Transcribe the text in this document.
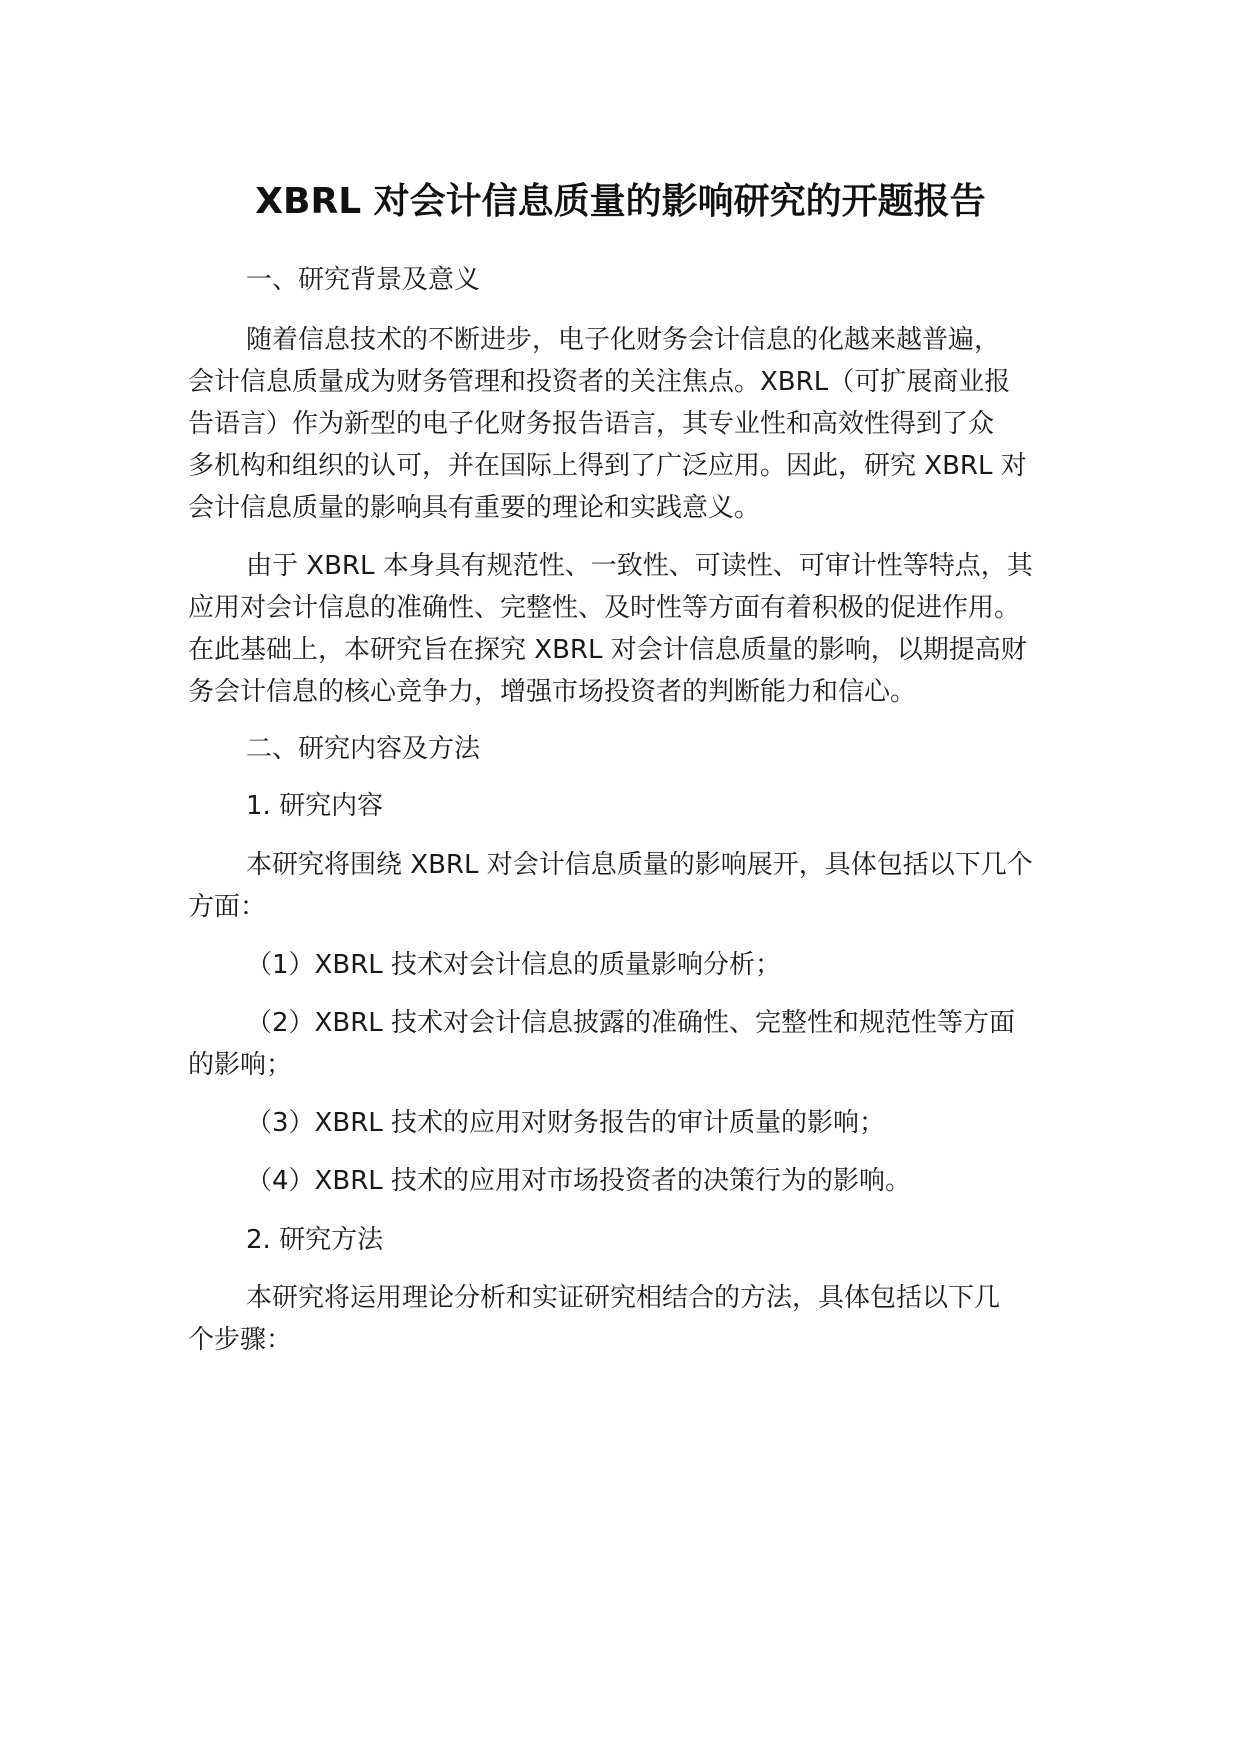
XBRL 对会计信息质量的影响研究的开题报告

一、研究背景及意义

随着信息技术的不断进步，电子化财务会计信息的化越来越普遍，

会计信息质量成为财务管理和投资者的关注焦点。XBRL（可扩展商业报

告语言）作为新型的电子化财务报告语言，其专业性和高效性得到了众

多机构和组织的认可，并在国际上得到了广泛应用。因此，研究 XBRL 对

会计信息质量的影响具有重要的理论和实践意义。

由于 XBRL 本身具有规范性、一致性、可读性、可审计性等特点，其

应用对会计信息的准确性、完整性、及时性等方面有着积极的促进作用。

在此基础上，本研究旨在探究 XBRL 对会计信息质量的影响，以期提高财

务会计信息的核心竞争力，增强市场投资者的判断能力和信心。

二、研究内容及方法

1. 研究内容

本研究将围绕 XBRL 对会计信息质量的影响展开，具体包括以下几个

方面：

（1）XBRL 技术对会计信息的质量影响分析；

（2）XBRL 技术对会计信息披露的准确性、完整性和规范性等方面

的影响；

（3）XBRL 技术的应用对财务报告的审计质量的影响；

（4）XBRL 技术的应用对市场投资者的决策行为的影响。

2. 研究方法

本研究将运用理论分析和实证研究相结合的方法，具体包括以下几

个步骤：
